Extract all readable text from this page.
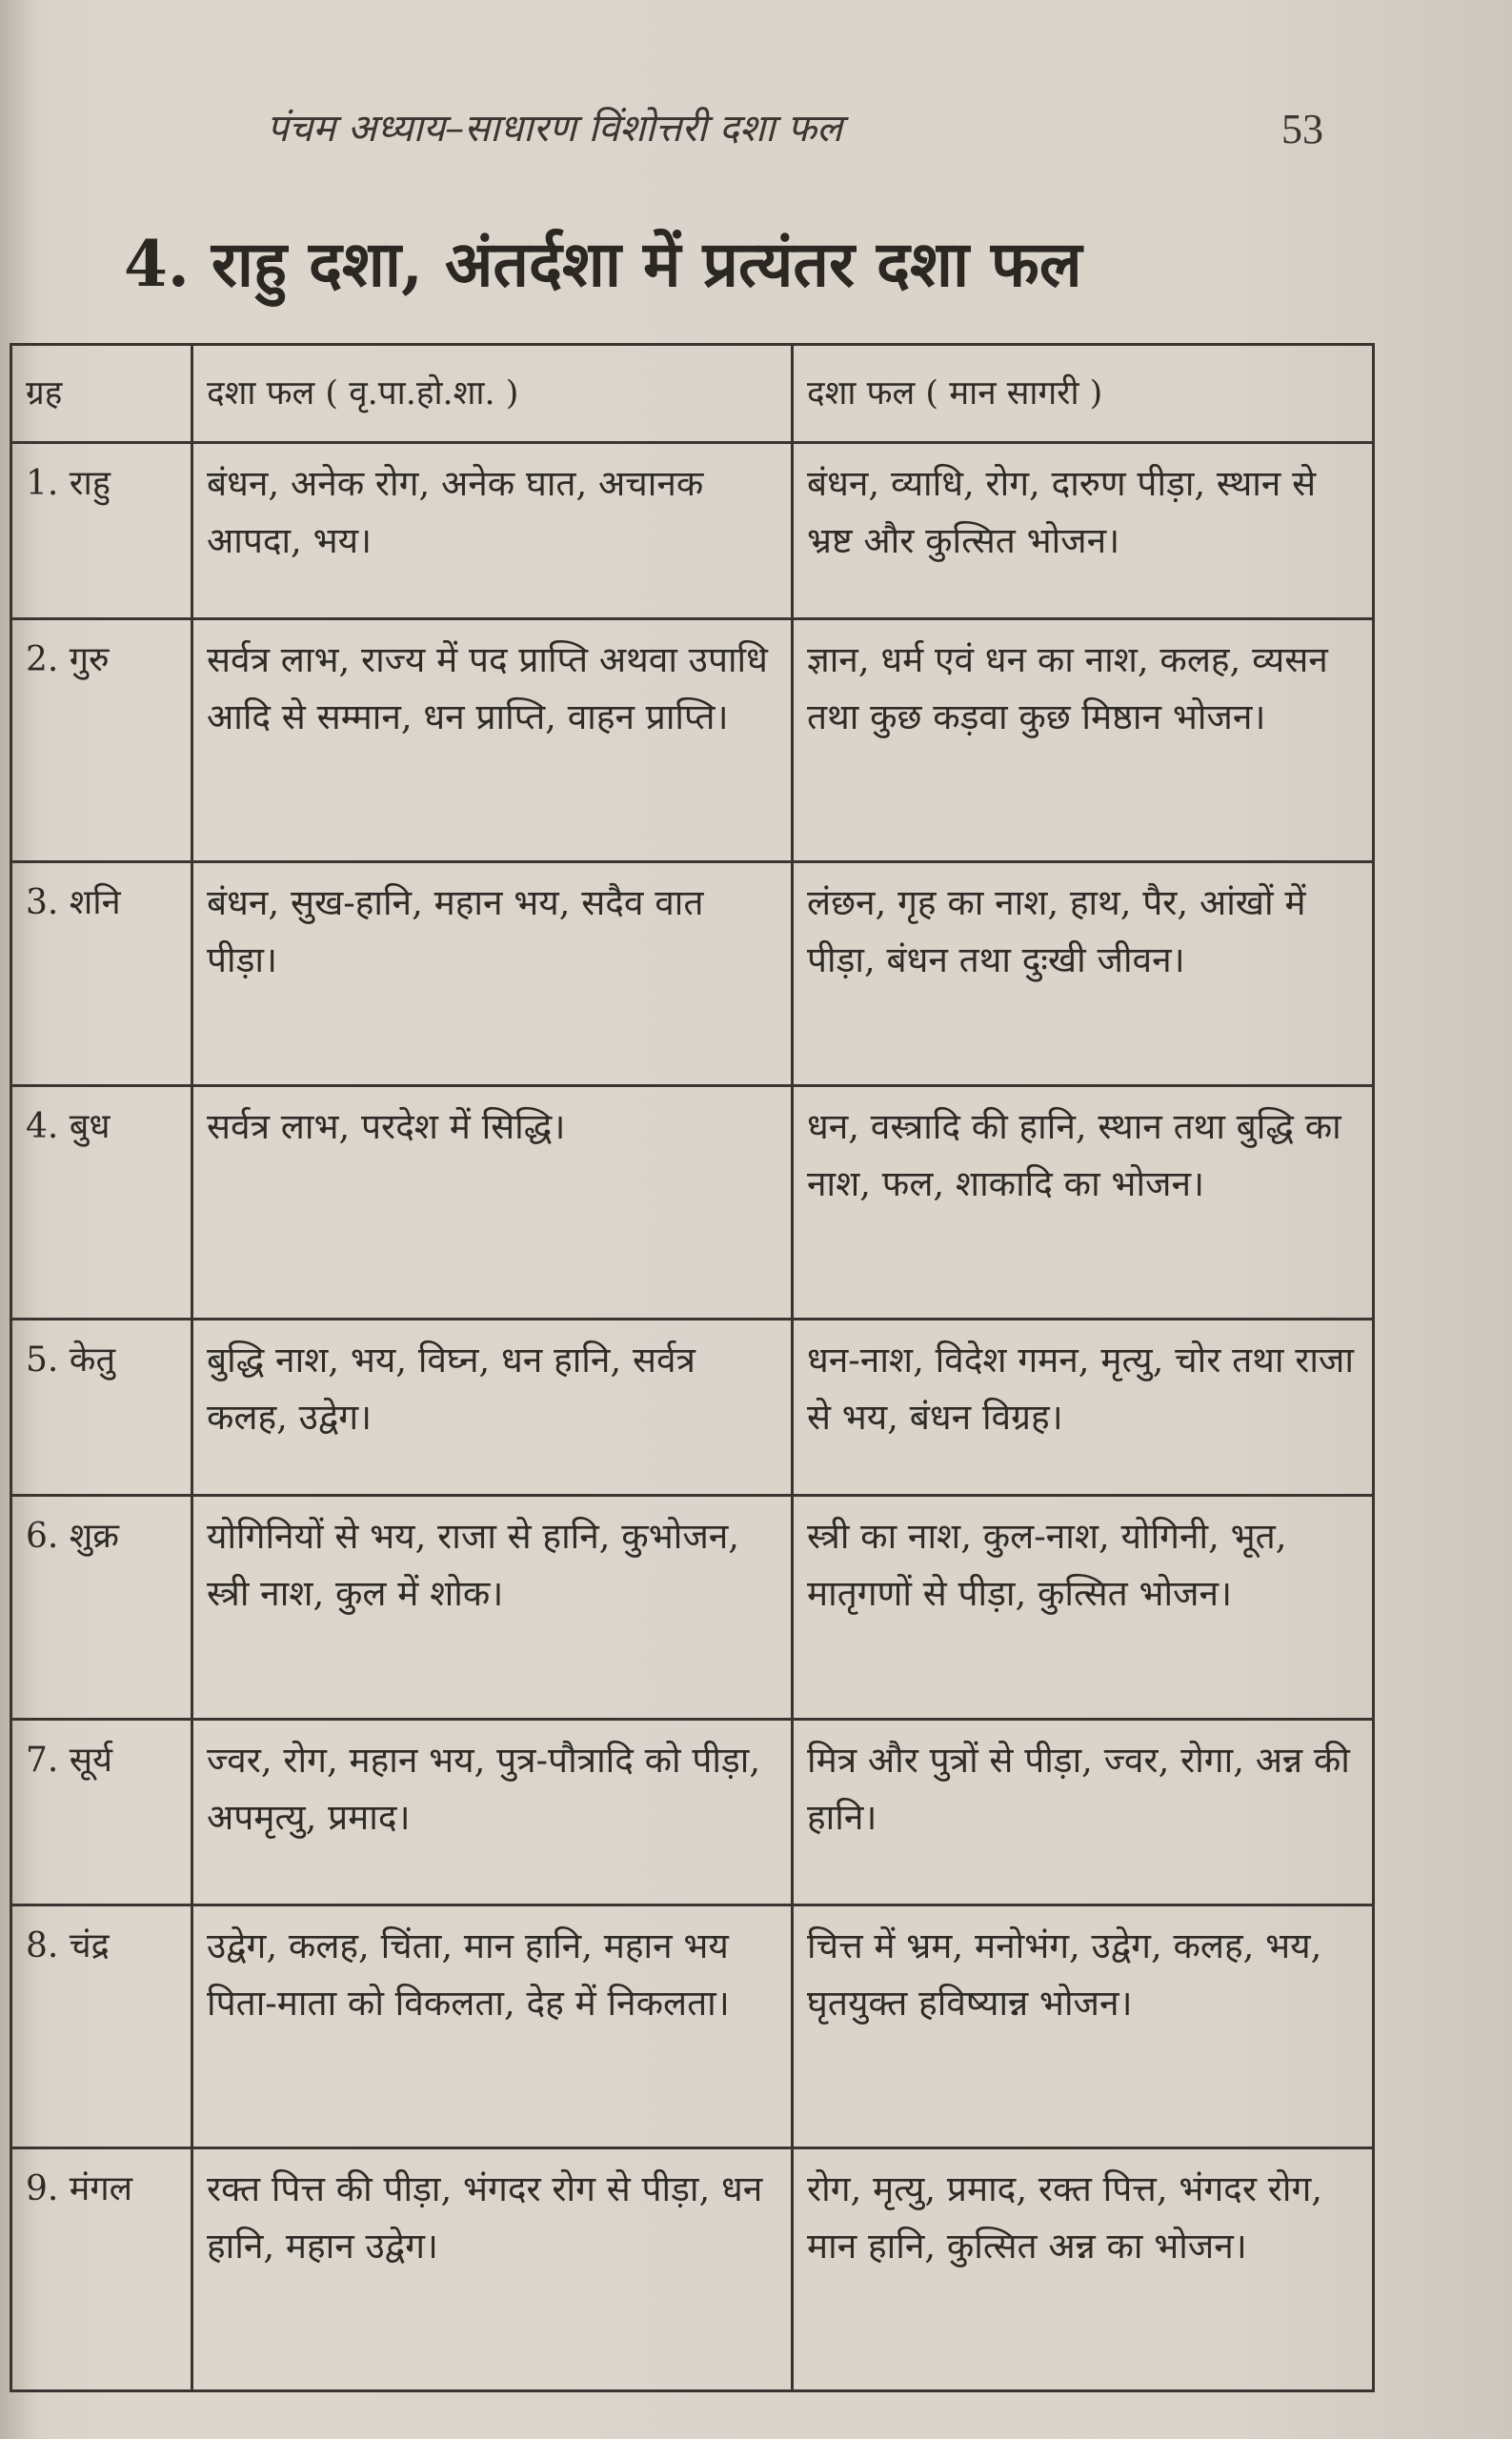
पंचम अध्याय–साधारण विंशोत्तरी दशा फल	53
4. राहु दशा, अंतर्दशा में प्रत्यंतर दशा फल
ग्रह	दशा फल ( वृ.पा.हो.शा. )	दशा फल ( मान सागरी )
1. राहु	बंधन, अनेक रोग, अनेक घात, अचानक आपदा, भय।	बंधन, व्याधि, रोग, दारुण पीड़ा, स्थान से भ्रष्ट और कुत्सित भोजन।
2. गुरु	सर्वत्र लाभ, राज्य में पद प्राप्ति अथवा उपाधि आदि से सम्मान, धन प्राप्ति, वाहन प्राप्ति।	ज्ञान, धर्म एवं धन का नाश, कलह, व्यसन तथा कुछ कड़वा कुछ मिष्ठान भोजन।
3. शनि	बंधन, सुख-हानि, महान भय, सदैव वात पीड़ा।	लंछन, गृह का नाश, हाथ, पैर, आंखों में पीड़ा, बंधन तथा दुःखी जीवन।
4. बुध	सर्वत्र लाभ, परदेश में सिद्धि।	धन, वस्त्रादि की हानि, स्थान तथा बुद्धि का नाश, फल, शाकादि का भोजन।
5. केतु	बुद्धि नाश, भय, विघ्न, धन हानि, सर्वत्र कलह, उद्वेग।	धन-नाश, विदेश गमन, मृत्यु, चोर तथा राजा से भय, बंधन विग्रह।
6. शुक्र	योगिनियों से भय, राजा से हानि, कुभोजन, स्त्री नाश, कुल में शोक।	स्त्री का नाश, कुल-नाश, योगिनी, भूत, मातृगणों से पीड़ा, कुत्सित भोजन।
7. सूर्य	ज्वर, रोग, महान भय, पुत्र-पौत्रादि को पीड़ा, अपमृत्यु, प्रमाद।	मित्र और पुत्रों से पीड़ा, ज्वर, रोगा, अन्न की हानि।
8. चंद्र	उद्वेग, कलह, चिंता, मान हानि, महान भय पिता-माता को विकलता, देह में निकलता।	चित्त में भ्रम, मनोभंग, उद्वेग, कलह, भय, घृतयुक्त हविष्यान्न भोजन।
9. मंगल	रक्त पित्त की पीड़ा, भंगदर रोग से पीड़ा, धन हानि, महान उद्वेग।	रोग, मृत्यु, प्रमाद, रक्त पित्त, भंगदर रोग, मान हानि, कुत्सित अन्न का भोजन।
